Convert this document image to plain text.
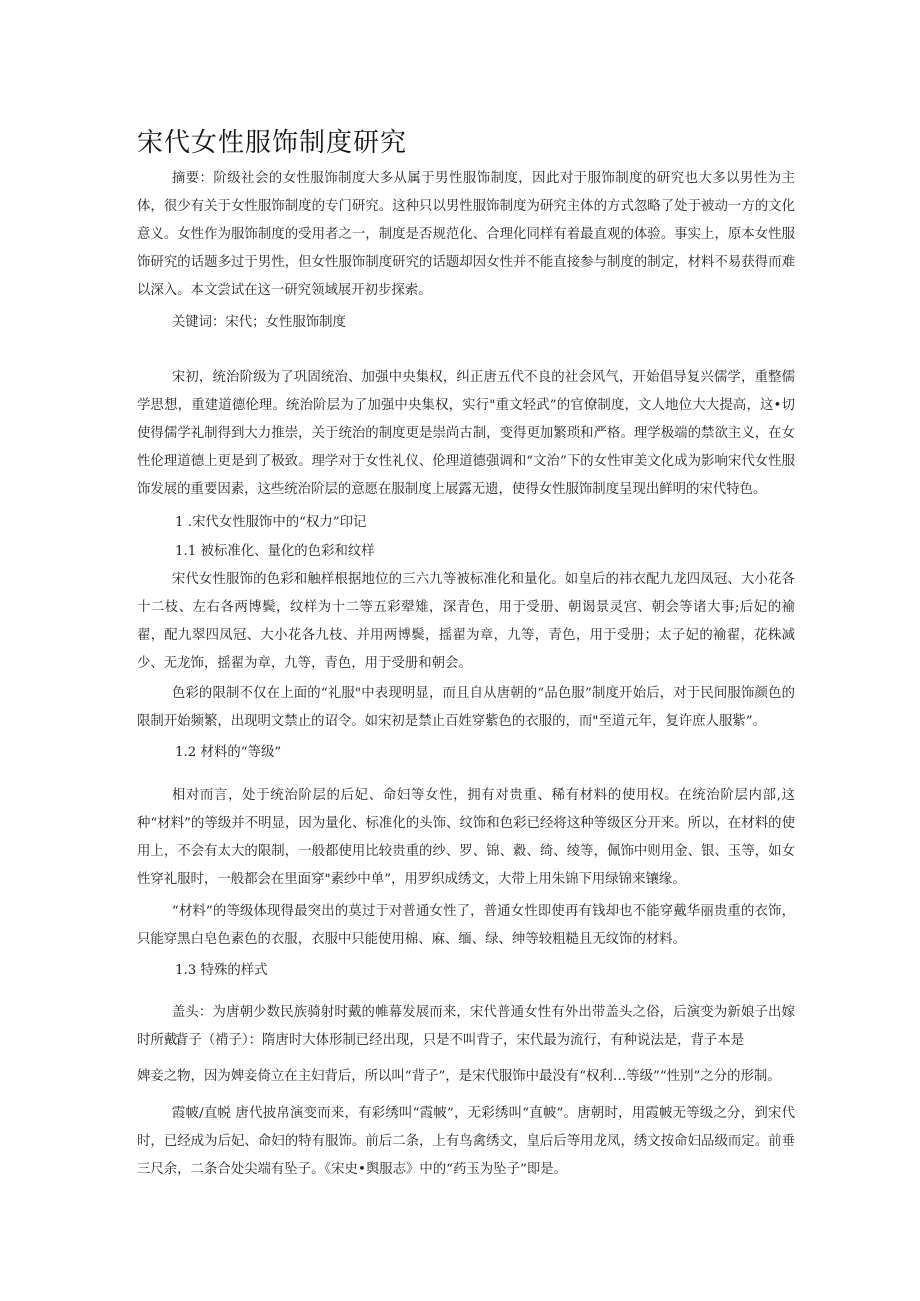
宋代女性服饰制度研究

摘要：阶级社会的女性服饰制度大多从属于男性服饰制度，因此对于服饰制度的研究也大多以男性为主体，很少有关于女性服饰制度的专门研究。这种只以男性服饰制度为研究主体的方式忽略了处于被动一方的文化意义。女性作为服饰制度的受用者之一，制度是否规范化、合理化同样有着最直观的体验。事实上，原本女性服饰研究的话题多过于男性，但女性服饰制度研究的话题却因女性并不能直接参与制度的制定，材料不易获得而难以深入。本文尝试在这一研究领域展开初步探索。

关键词：宋代；女性服饰制度

宋初，统治阶级为了巩固统治、加强中央集权，纠正唐五代不良的社会风气，开始倡导复兴儒学，重整儒学思想，重建道德伦理。统治阶层为了加强中央集权，实行"重文轻武”的官僚制度，文人地位大大提高，这•切使得儒学礼制得到大力推崇，关于统治的制度更是崇尚古制，变得更加繁琐和严格。理学极端的禁欲主义，在女性伦理道德上更是到了极致。理学对于女性礼仪、伦理道德强调和“文治”下的女性审美文化成为影响宋代女性服饰发展的重要因素，这些统治阶层的意愿在服制度上展露无遗，使得女性服饰制度呈现出鲜明的宋代特色。

1 .宋代女性服饰中的“权力”印记

1.1 被标准化、量化的色彩和纹样

宋代女性服饰的色彩和触样根据地位的三六九等被标准化和量化。如皇后的祎衣配九龙四凤冠、大小花各十二枝、左右各两博鬓，纹样为十二等五彩翚雉，深青色，用于受册、朝谒景灵宫、朝会等诸大事;后妃的褕翟，配九翠四凤冠、大小花各九枝、并用两博鬓，摇翟为章，九等，青色，用于受册；太子妃的褕翟，花株减少、无龙饰，摇翟为章，九等，青色，用于受册和朝会。

色彩的限制不仅在上面的“礼服"中表现明显，而且自从唐朝的“品色服”制度开始后，对于民间服饰颜色的限制开始频繁，出现明文禁止的诏令。如宋初是禁止百姓穿紫色的衣服的，而"至道元年，复许庶人服紫”。

1.2 材料的“等级”

相对而言，处于统治阶层的后妃、命妇等女性，拥有对贵重、稀有材料的使用权。在统治阶层内部,这种“材料”的等级并不明显，因为量化、标准化的头饰、纹饰和色彩已经将这种等级区分开来。所以，在材料的使用上，不会有太大的限制，一般都使用比较贵重的纱、罗、锦、縠、绮、绫等，佩饰中则用金、银、玉等，如女性穿礼服时，一般都会在里面穿"素纱中单”，用罗织成绣文，大带上用朱锦下用绿锦来镶缘。

“材料”的等级体现得最突出的莫过于对普通女性了，普通女性即使再有钱却也不能穿戴华丽贵重的衣饰，只能穿黑白皂色素色的衣服，衣服中只能使用棉、麻、缅、绿、绅等较粗糙且无纹饰的材料。

1.3 特殊的样式

盖头：为唐朝少数民族骑射时戴的帷幕发展而来，宋代普通女性有外出带盖头之俗，后演变为新娘子出嫁时所戴。

背子（褙子）：隋唐时大体形制已经出现，只是不叫背子，宋代最为流行，有种说法是，背子本是

婢妾之物，因为婢妾倚立在主妇背后，所以叫“背子”，是宋代服饰中最没有“权利…等级”“性别”之分的形制。

霞帔/直帨 唐代披帛演变而来，有彩绣叫“霞帔”，无彩绣叫“直帔”。唐朝时，用霞帔无等级之分，到宋代时，已经成为后妃、命妇的特有服饰。前后二条，上有鸟禽绣文，皇后后等用龙凤，绣文按命妇品级而定。前垂三尺余，二条合处尖端有坠子。《宋史•舆服志》中的“药玉为坠子”即是。
